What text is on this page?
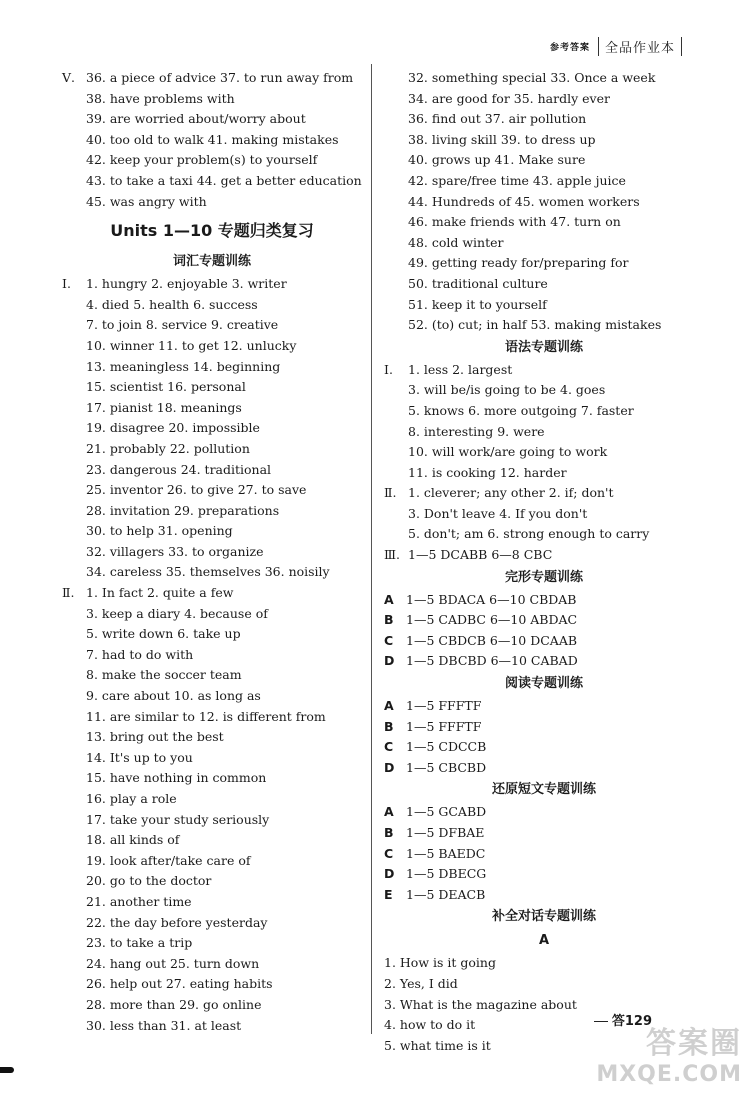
参考答案	全品作业本
Ⅴ. 36. a piece of advice 37. to run away from
38. have problems with
39. are worried about/worry about
40. too old to walk 41. making mistakes
42. keep your problem(s) to yourself
43. to take a taxi 44. get a better education
45. was angry with
Units 1—10 专题归类复习
词汇专题训练
Ⅰ.	1. hungry 2. enjoyable 3. writer
4. died 5. health 6. success
7. to join 8. service 9. creative
10. winner 11. to get 12. unlucky
13. meaningless 14. beginning
15. scientist 16. personal
17. pianist 18. meanings
19. disagree 20. impossible
21. probably 22. pollution
23. dangerous 24. traditional
25. inventor 26. to give 27. to save
28. invitation 29. preparations
30. to help 31. opening
32. villagers 33. to organize
34. careless 35. themselves 36. noisily
Ⅱ. 1. In fact 2. quite a few
3. keep a diary 4. because of
5. write down 6. take up
7. had to do with
8. make the soccer team
9. care about 10. as long as
11. are similar to 12. is different from
13. bring out the best
14. It's up to you
15. have nothing in common
16. play a role
17. take your study seriously
18. all kinds of
19. look after/take care of
20. go to the doctor
21. another time
22. the day before yesterday
23. to take a trip
24. hang out 25. turn down
26. help out 27. eating habits
28. more than 29. go online
30. less than 31. at least
32. something special 33. Once a week
34. are good for 35. hardly ever
36. find out 37. air pollution
38. living skill 39. to dress up
40. grows up 41. Make sure
42. spare/free time 43. apple juice
44. Hundreds of 45. women workers
46. make friends with 47. turn on
48. cold winter
49. getting ready for/preparing for
50. traditional culture
51. keep it to yourself
52. (to) cut; in half 53. making mistakes
语法专题训练
Ⅰ.	1. less 2. largest
3. will be/is going to be 4. goes
5. knows 6. more outgoing 7. faster
8. interesting 9. were
10. will work/are going to work
11. is cooking 12. harder
Ⅱ. 1. cleverer; any other 2. if; don't
3. Don't leave 4. If you don't
5. don't; am 6. strong enough to carry
Ⅲ. 1—5 DCABB 6—8 CBC
完形专题训练
A 1—5 BDACA 6—10 CBDAB
B 1—5 CADBC 6—10 ABDAC
C	1—5 CBDCB 6—10 DCAAB
D 1—5 DBCBD 6—10 CABAD
阅读专题训练
A 1—5 FFFTF
B 1—5 FFFTF
C	1—5 CDCCB
D 1—5 CBCBD
还原短文专题训练
A 1—5 GCABD
B 1—5 DFBAE
C	1—5 BAEDC
D 1—5 DBECG
E	1—5 DEACB
补全对话专题训练
A
1. How is it going
2. Yes, I did
3. What is the magazine about
4. how to do it
5. what time is it
答129
答案圈
MXQE.COM
